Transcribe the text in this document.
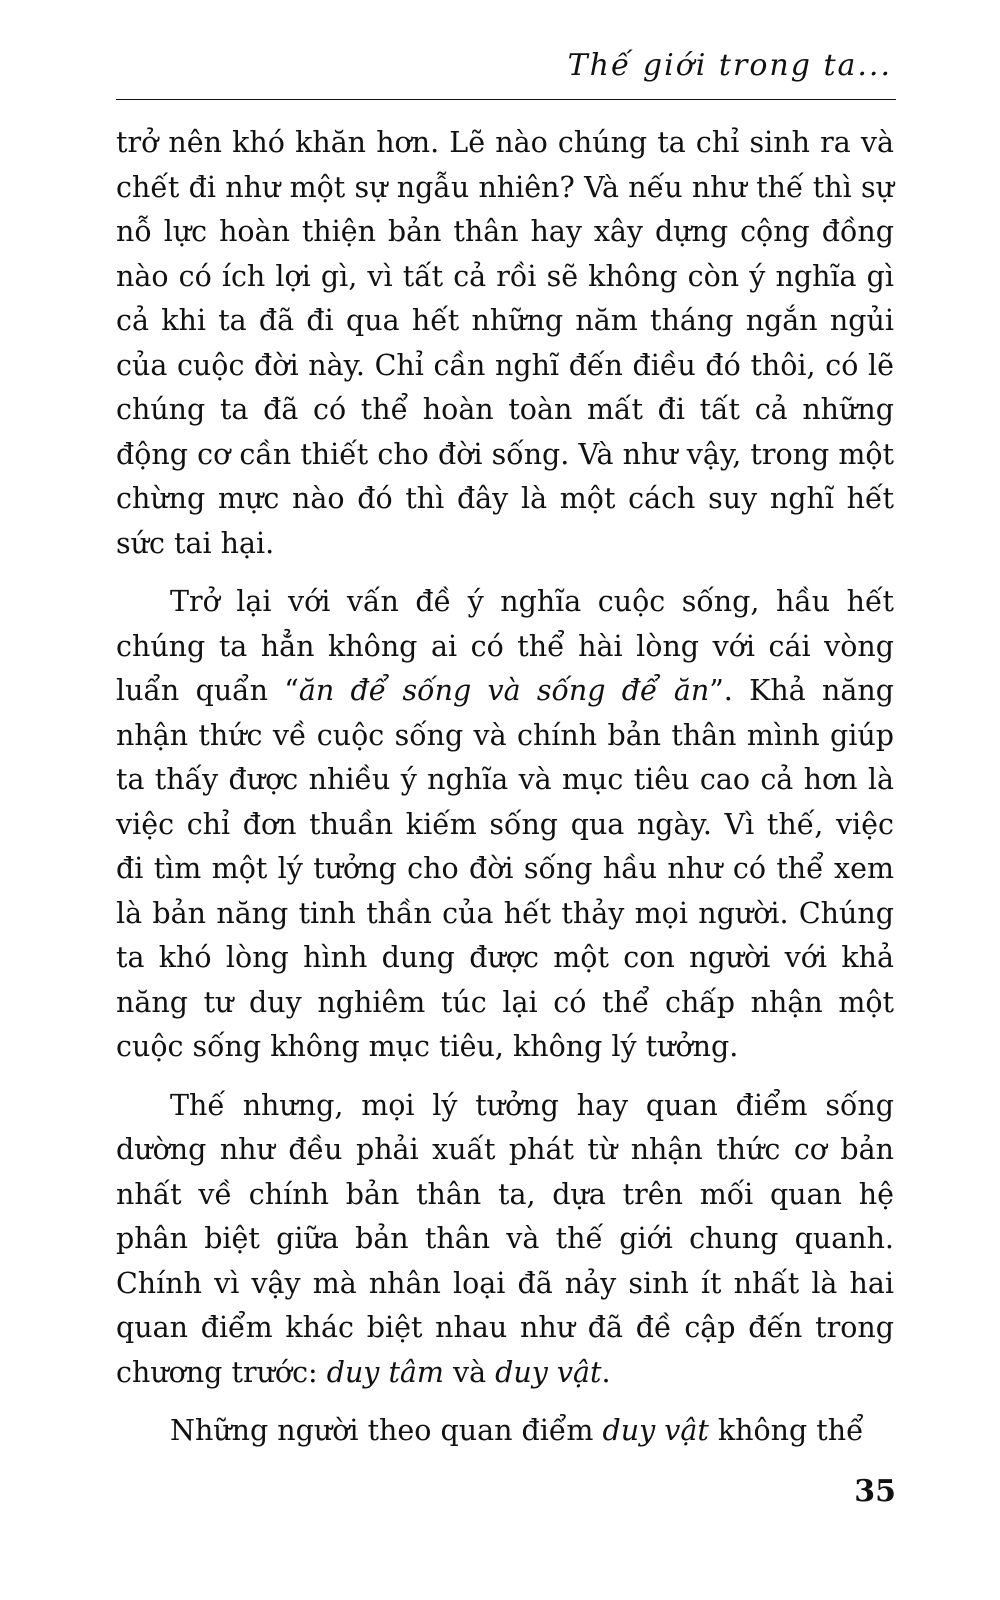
Thế giới trong ta...

trở nên khó khăn hơn. Lẽ nào chúng ta chỉ sinh ra và chết đi như một sự ngẫu nhiên? Và nếu như thế thì sự nỗ lực hoàn thiện bản thân hay xây dựng cộng đồng nào có ích lợi gì, vì tất cả rồi sẽ không còn ý nghĩa gì cả khi ta đã đi qua hết những năm tháng ngắn ngủi của cuộc đời này. Chỉ cần nghĩ đến điều đó thôi, có lẽ chúng ta đã có thể hoàn toàn mất đi tất cả những động cơ cần thiết cho đời sống. Và như vậy, trong một chừng mực nào đó thì đây là một cách suy nghĩ hết sức tai hại.

Trở lại với vấn đề ý nghĩa cuộc sống, hầu hết chúng ta hẳn không ai có thể hài lòng với cái vòng luẩn quẩn “ăn để sống và sống để ăn”. Khả năng nhận thức về cuộc sống và chính bản thân mình giúp ta thấy được nhiều ý nghĩa và mục tiêu cao cả hơn là việc chỉ đơn thuần kiếm sống qua ngày. Vì thế, việc đi tìm một lý tưởng cho đời sống hầu như có thể xem là bản năng tinh thần của hết thảy mọi người. Chúng ta khó lòng hình dung được một con người với khả năng tư duy nghiêm túc lại có thể chấp nhận một cuộc sống không mục tiêu, không lý tưởng.

Thế nhưng, mọi lý tưởng hay quan điểm sống dường như đều phải xuất phát từ nhận thức cơ bản nhất về chính bản thân ta, dựa trên mối quan hệ phân biệt giữa bản thân và thế giới chung quanh. Chính vì vậy mà nhân loại đã nảy sinh ít nhất là hai quan điểm khác biệt nhau như đã đề cập đến trong chương trước: duy tâm và duy vật.

Những người theo quan điểm duy vật không thể

35
